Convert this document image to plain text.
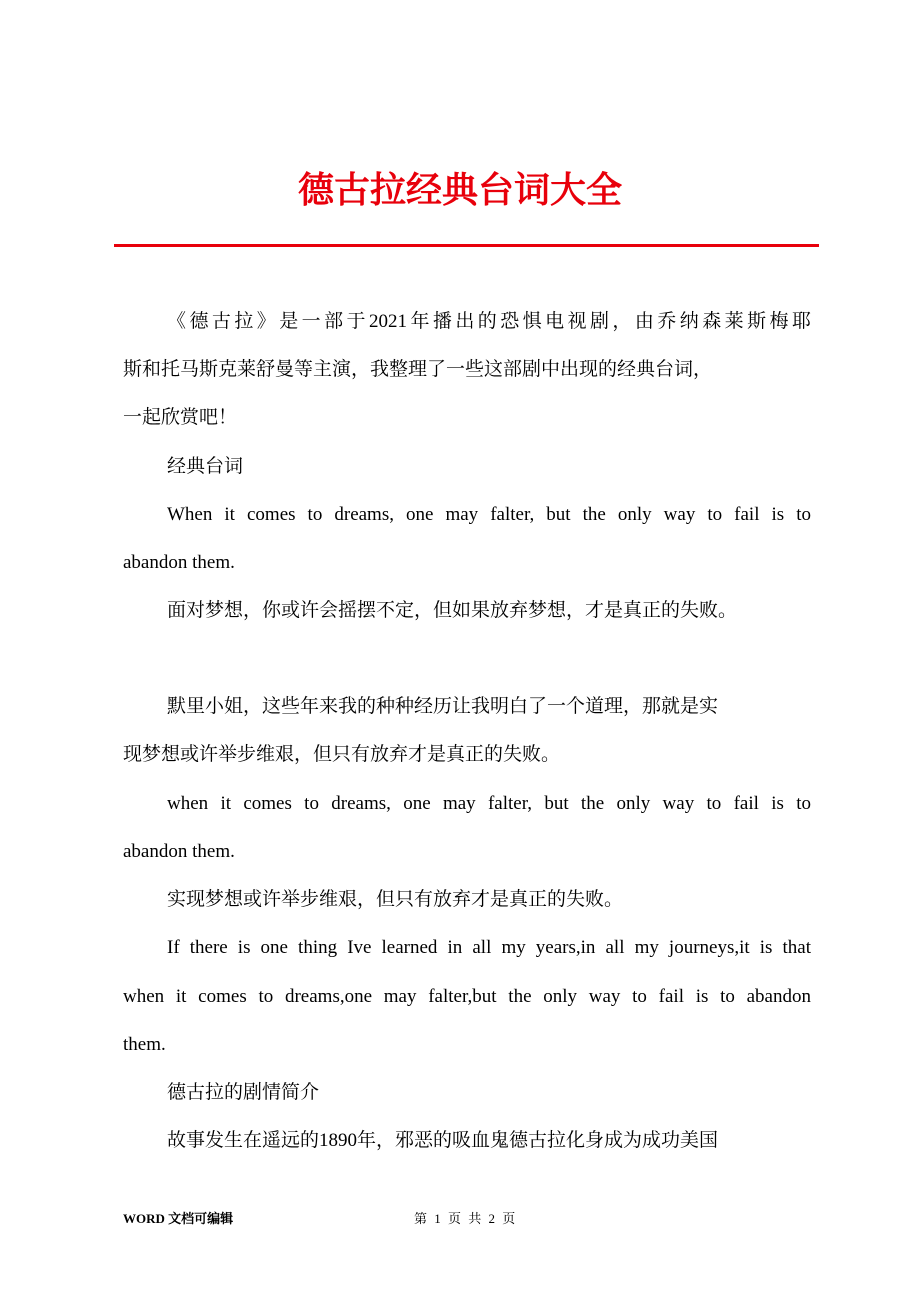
德古拉经典台词大全
《德古拉》是一部于2021年播出的恐惧电视剧，由乔纳森莱斯梅耶
斯和托马斯克莱舒曼等主演，我整理了一些这部剧中出现的经典台词，
一起欣赏吧！
经典台词
When it comes to dreams, one may falter, but the only way to fail is to
abandon them.
面对梦想，你或许会摇摆不定，但如果放弃梦想，才是真正的失败。
默里小姐，这些年来我的种种经历让我明白了一个道理，那就是实
现梦想或许举步维艰，但只有放弃才是真正的失败。
when it comes to dreams, one may falter, but the only way to fail is to
abandon them.
实现梦想或许举步维艰，但只有放弃才是真正的失败。
If there is one thing Ive learned in all my years,in all my journeys,it is that
when it comes to dreams,one may falter,but the only way to fail is to abandon
them.
德古拉的剧情简介
故事发生在遥远的1890年，邪恶的吸血鬼德古拉化身成为成功美国
WORD 文档可编辑	第 1 页 共 2 页
